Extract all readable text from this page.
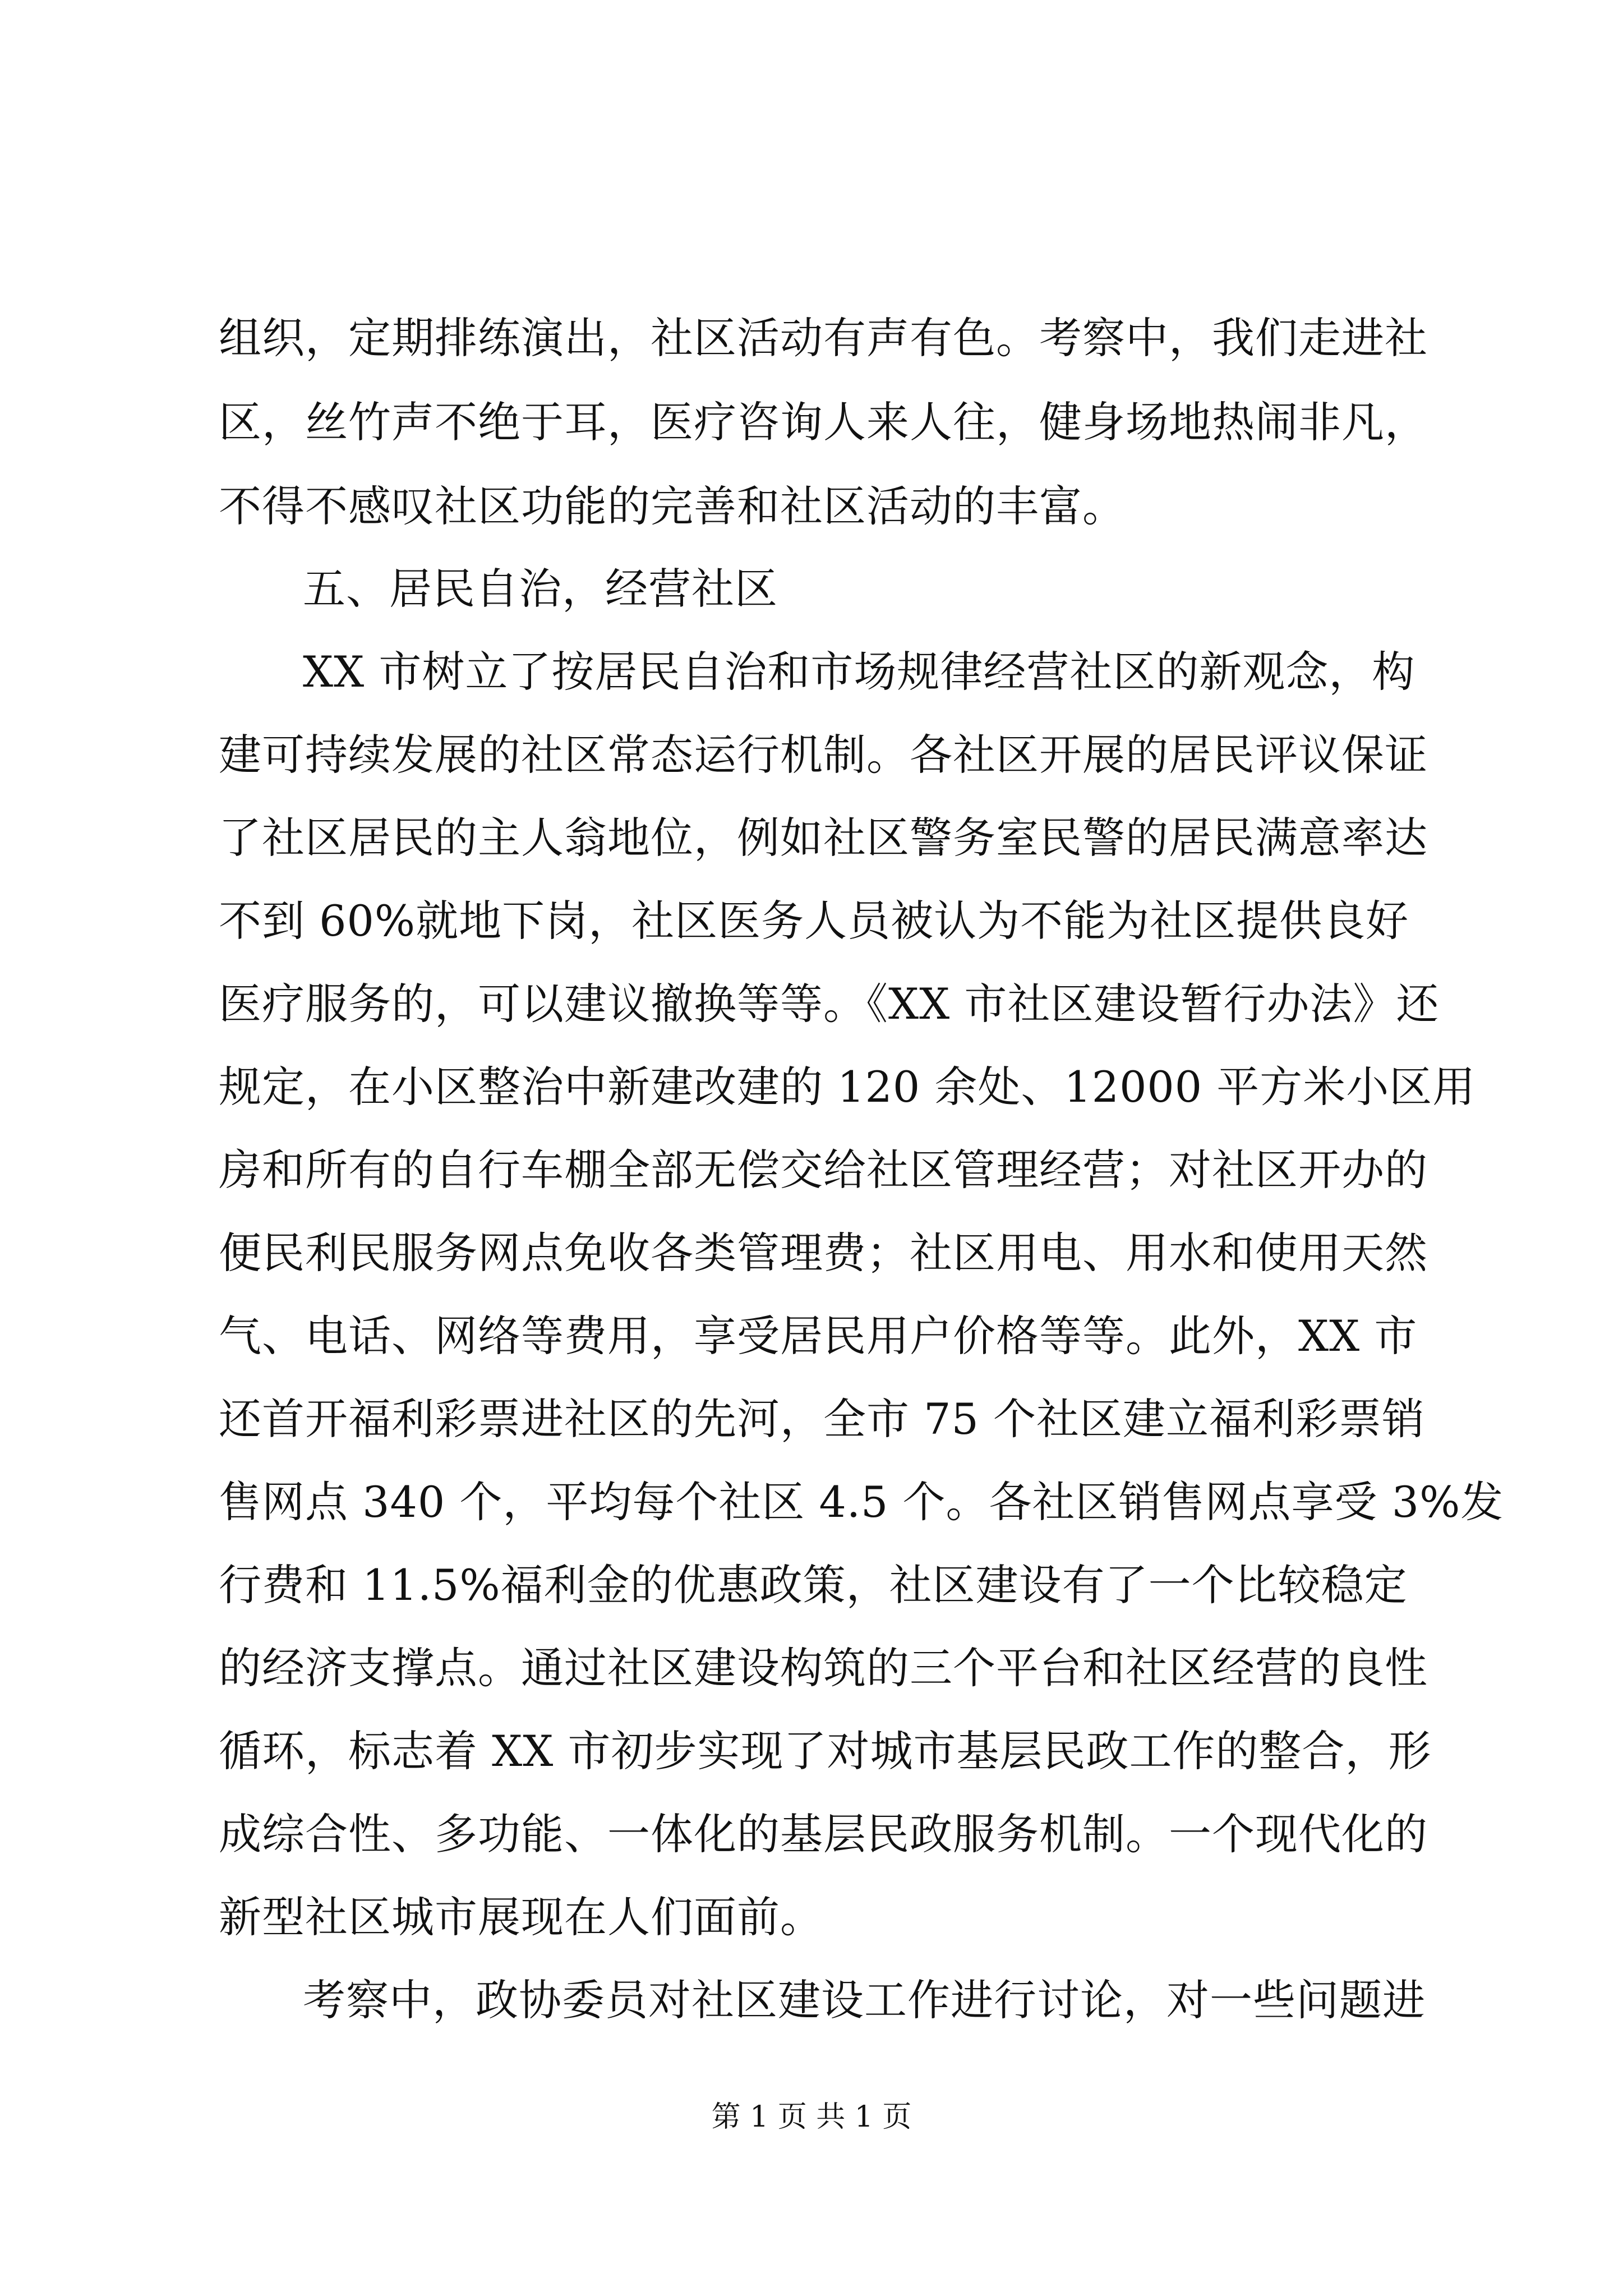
组织，定期排练演出，社区活动有声有色。考察中，我们走进社
区，丝竹声不绝于耳，医疗咨询人来人往，健身场地热闹非凡，
不得不感叹社区功能的完善和社区活动的丰富。
五、居民自治，经营社区
XX 市树立了按居民自治和市场规律经营社区的新观念，构
建可持续发展的社区常态运行机制。各社区开展的居民评议保证
了社区居民的主人翁地位，例如社区警务室民警的居民满意率达
不到 60%就地下岗，社区医务人员被认为不能为社区提供良好
医疗服务的，可以建议撤换等等。《XX 市社区建设暂行办法》还
规定，在小区整治中新建改建的 120 余处、12000 平方米小区用
房和所有的自行车棚全部无偿交给社区管理经营；对社区开办的
便民利民服务网点免收各类管理费；社区用电、用水和使用天然
气、电话、网络等费用，享受居民用户价格等等。此外，XX 市
还首开福利彩票进社区的先河，全市 75 个社区建立福利彩票销
售网点 340 个，平均每个社区 4.5 个。各社区销售网点享受 3%发
行费和 11.5%福利金的优惠政策，社区建设有了一个比较稳定
的经济支撑点。通过社区建设构筑的三个平台和社区经营的良性
循环，标志着 XX 市初步实现了对城市基层民政工作的整合，形
成综合性、多功能、一体化的基层民政服务机制。一个现代化的
新型社区城市展现在人们面前。
考察中，政协委员对社区建设工作进行讨论，对一些问题进
第 1 页 共 1 页
